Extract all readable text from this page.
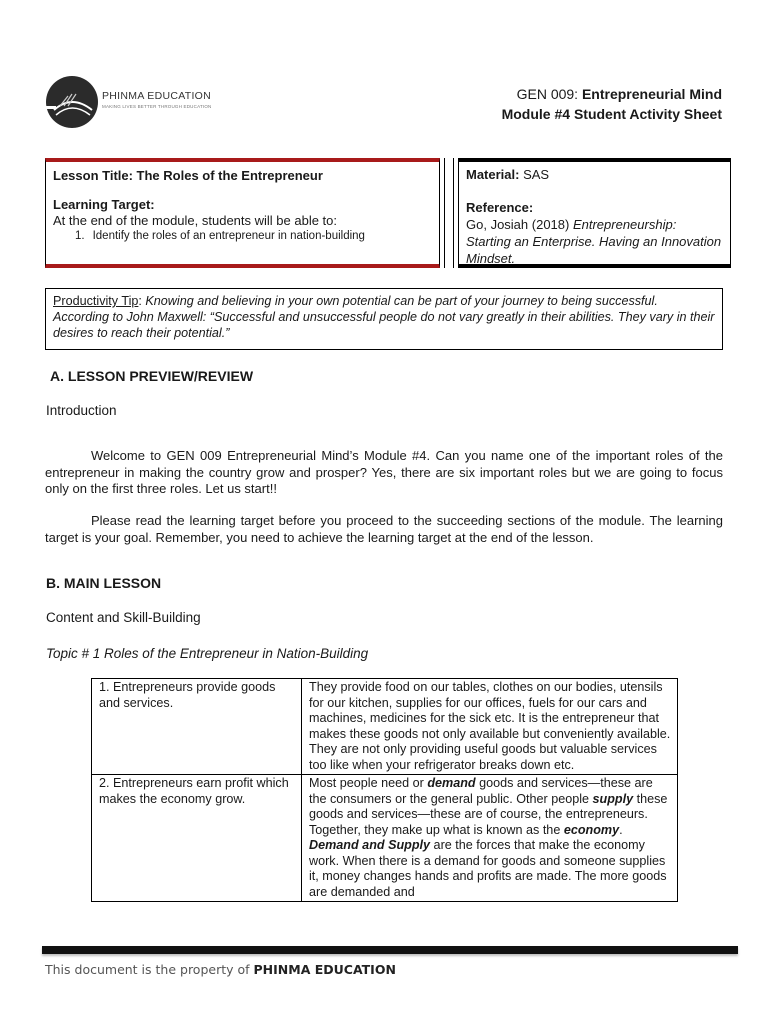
PHINMA EDUCATION
MAKING LIVES BETTER THROUGH EDUCATION
GEN 009: Entrepreneurial Mind
Module #4 Student Activity Sheet
Lesson Title: The Roles of the Entrepreneur
Learning Target:
At the end of the module, students will be able to:
1. Identify the roles of an entrepreneur in nation-building
Material: SAS
Reference:
Go, Josiah (2018) Entrepreneurship: Starting an Enterprise. Having an Innovation Mindset.
Productivity Tip: Knowing and believing in your own potential can be part of your journey to being successful. According to John Maxwell: “Successful and unsuccessful people do not vary greatly in their abilities. They vary in their desires to reach their potential.”
A. LESSON PREVIEW/REVIEW
Introduction
Welcome to GEN 009 Entrepreneurial Mind’s Module #4. Can you name one of the important roles of the entrepreneur in making the country grow and prosper? Yes, there are six important roles but we are going to focus only on the first three roles. Let us start!!
Please read the learning target before you proceed to the succeeding sections of the module. The learning target is your goal. Remember, you need to achieve the learning target at the end of the lesson.
B. MAIN LESSON
Content and Skill-Building
Topic # 1 Roles of the Entrepreneur in Nation-Building
1. Entrepreneurs provide goods and services.	They provide food on our tables, clothes on our bodies, utensils for our kitchen, supplies for our offices, fuels for our cars and machines, medicines for the sick etc. It is the entrepreneur that makes these goods not only available but conveniently available. They are not only providing useful goods but valuable services too like when your refrigerator breaks down etc.
2. Entrepreneurs earn profit which makes the economy grow.	Most people need or demand goods and services—these are the consumers or the general public. Other people supply these goods and services—these are of course, the entrepreneurs. Together, they make up what is known as the economy. Demand and Supply are the forces that make the economy work. When there is a demand for goods and someone supplies it, money changes hands and profits are made. The more goods are demanded and
This document is the property of PHINMA EDUCATION
